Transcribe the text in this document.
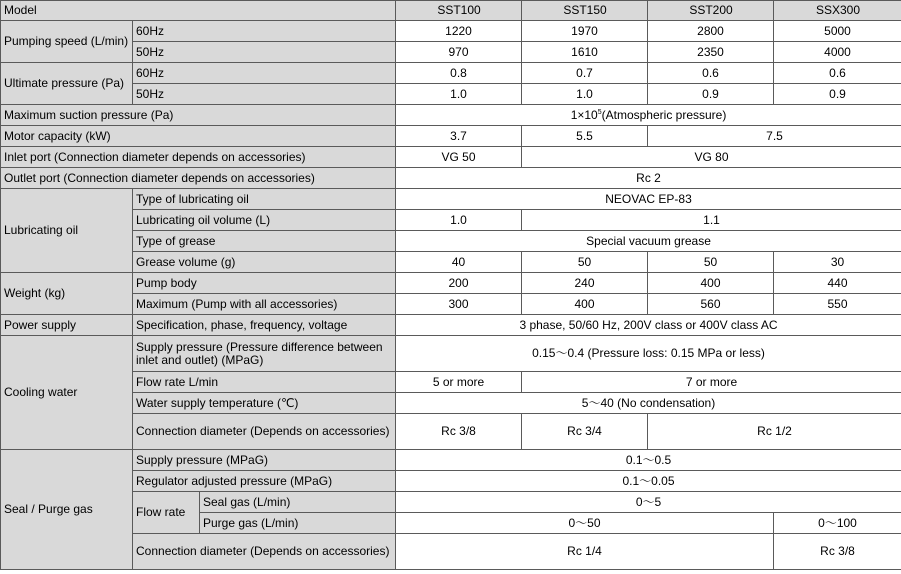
Model			SST100	SST150	SST200	SSX300
Pumping speed (L/min)	60Hz		1220	1970	2800	5000
	50Hz		970	1610	2350	4000
Ultimate pressure (Pa)	60Hz		0.8	0.7	0.6	0.6
	50Hz		1.0	1.0	0.9	0.9
Maximum suction pressure (Pa)			$1\times 10^5(Atmospheric$ pressure)			
Motor capacity (kW)			3.7	5.5	7.5	
Inlet port (Connection diameter depends on accessories)			VG 50	VG 80		
Outlet port (Connection diameter depends on accessories)			Rc 2			
Lubricating oil	Type of lubricating oil		NEOVAC EP-83			
	Lubricating oil volume (L)		1.0	1.1		
	Type of grease		Special vacuum grease			
	Grease volume (g)		40	50	50	30
Weight (kg)	Pump body		200	240	400	440
	Maximum (Pump with all accessories)		300	400	560	550
Power supply	Specification, phase, frequency, voltage		3 phase, 50/60 Hz, 200V class or 400V class AC			
Cooling water	Supply pressure (Pressure difference between inlet and outlet) (MPaG)		0.15～0.4 (Pressure loss: 0.15 MPa or less)			
	Flow rate L/min		5 or more	7 or more		
	Water supply temperature (℃)		5～40 (No condensation)			
	Connection diameter (Depends on accessories)		Rc 3/8	Rc 3/4	Rc 1/2	
Seal / Purge gas	Supply pressure (MPaG)		0.1～0.5			
	Regulator adjusted pressure (MPaG)		0.1～0.05			
	Flow rate	Seal gas (L/min)	0～5			
		Purge gas (L/min)	0～50			0～100
	Connection diameter (Depends on accessories)		Rc 1/4			Rc 3/8
